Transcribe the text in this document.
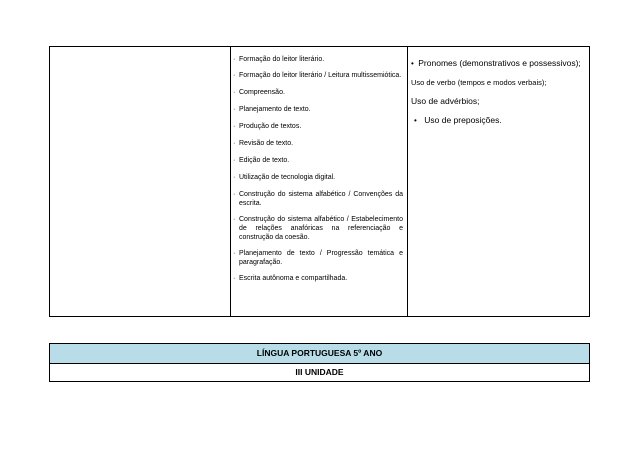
· Formação do leitor literário.
· Formação do leitor literário / Leitura multissemiótica.
· Compreensão.
· Planejamento de texto.
· Produção de textos.
· Revisão de texto.
· Edição de texto.
· Utilização de tecnologia digital.
· Construção do sistema alfabético / Convenções da escrita.
· Construção do sistema alfabético / Estabelecimento de relações anafóricas na referenciação e construção da coesão.
· Planejamento de texto / Progressão temática e paragrafação.
· Escrita autônoma e compartilhada.
• Pronomes (demonstrativos e possessivos);
Uso de verbo (tempos e modos verbais);
Uso de advérbios;
• Uso de preposições.
LÍNGUA PORTUGUESA 5º ANO
III UNIDADE
